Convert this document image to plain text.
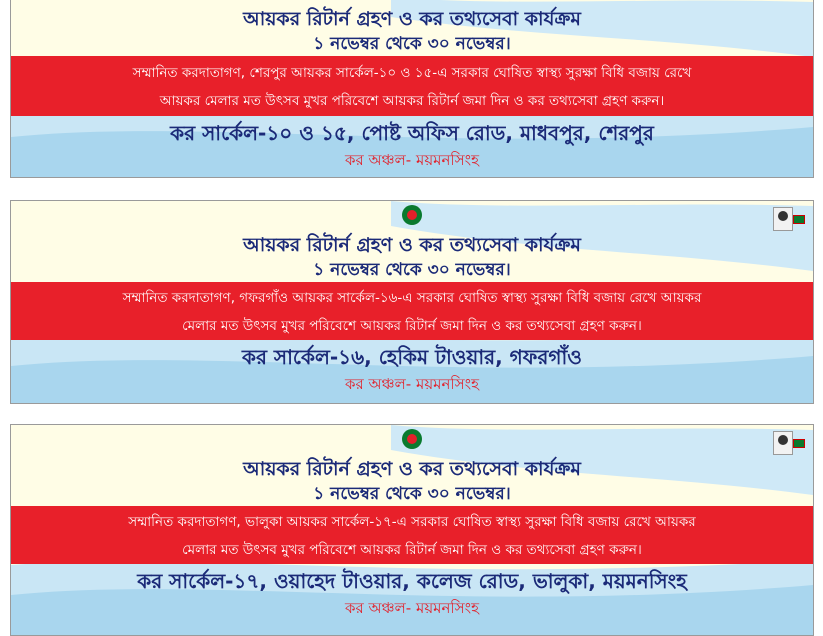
আয়কর রিটার্ন গ্রহণ ও কর তথ্যসেবা কার্যক্রম
১ নভেম্বর থেকে ৩০ নভেম্বর।
সম্মানিত করদাতাগণ, শেরপুর আয়কর সার্কেল-১০ ও ১৫-এ সরকার ঘোষিত স্বাস্থ্য সুরক্ষা বিধি বজায় রেখে
আয়কর মেলার মত উৎসব মুখর পরিবেশে আয়কর রিটার্ন জমা দিন ও কর তথ্যসেবা গ্রহণ করুন।
কর সার্কেল-১০ ও ১৫, পোষ্ট অফিস রোড, মাধবপুর, শেরপুর
কর অঞ্চল- ময়মনসিংহ
আয়কর রিটার্ন গ্রহণ ও কর তথ্যসেবা কার্যক্রম
১ নভেম্বর থেকে ৩০ নভেম্বর।
সম্মানিত করদাতাগণ, গফরগাঁও আয়কর সার্কেল-১৬-এ সরকার ঘোষিত স্বাস্থ্য সুরক্ষা বিধি বজায় রেখে আয়কর
মেলার মত উৎসব মুখর পরিবেশে আয়কর রিটার্ন জমা দিন ও কর তথ্যসেবা গ্রহণ করুন।
কর সার্কেল-১৬, হেকিম টাওয়ার, গফরগাঁও
কর অঞ্চল- ময়মনসিংহ
আয়কর রিটার্ন গ্রহণ ও কর তথ্যসেবা কার্যক্রম
১ নভেম্বর থেকে ৩০ নভেম্বর।
সম্মানিত করদাতাগণ, ভালুকা আয়কর সার্কেল-১৭-এ সরকার ঘোষিত স্বাস্থ্য সুরক্ষা বিধি বজায় রেখে আয়কর
মেলার মত উৎসব মুখর পরিবেশে আয়কর রিটার্ন জমা দিন ও কর তথ্যসেবা গ্রহণ করুন।
কর সার্কেল-১৭, ওয়াহেদ টাওয়ার, কলেজ রোড, ভালুকা, ময়মনসিংহ
কর অঞ্চল- ময়মনসিংহ
